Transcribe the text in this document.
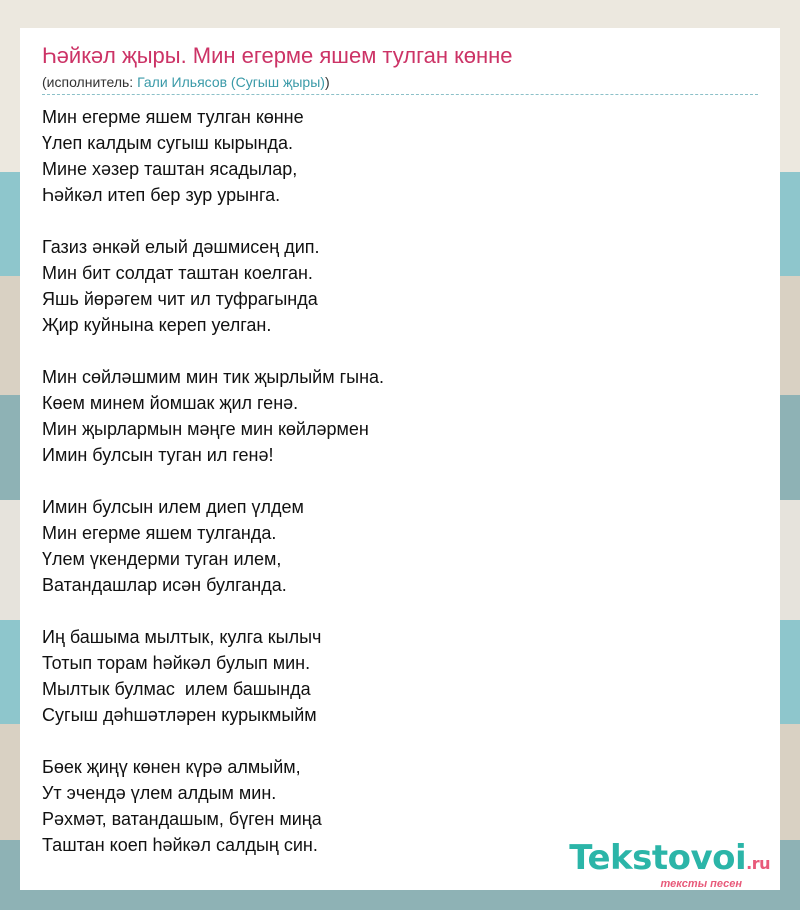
Һәйкәл җыры. Мин егерме яшем тулган көнне
(исполнитель: Гали Ильясов (Сугыш җыры))
Мин егерме яшем тулган көнне
Үлеп калдым сугыш кырында.
Мине хәзер таштан ясадылар,
Һәйкәл итеп бер зур урынга.
Газиз әнкәй елый дәшмисең дип.
Мин бит солдат таштан коелган.
Яшь йөрәгем чит ил туфрагында
Җир куйнына кереп уелган.
Мин сөйләшмим мин тик җырлыйм гына.
Көем минем йомшак җил генә.
Мин җырлармын мәңге мин көйләрмен
Имин булсын туган ил генә!
Имин булсын илем диеп үлдем
Мин егерме яшем тулганда.
Үлем үкендерми туган илем,
Ватандашлар исән булганда.
Иң башыма мылтык, кулга кылыч
Тотып торам һәйкәл булып мин.
Мылтык булмас  илем башында
Сугыш дәһшәтләрен курыкмыйм
Бөек җиңү көнен күрә алмыйм,
Ут эчендә үлем алдым мин.
Рәхмәт, ватандашым, бүген миңа
Таштан коеп һәйкәл салдың син.	Tekstovoi.ru
тексты песен
